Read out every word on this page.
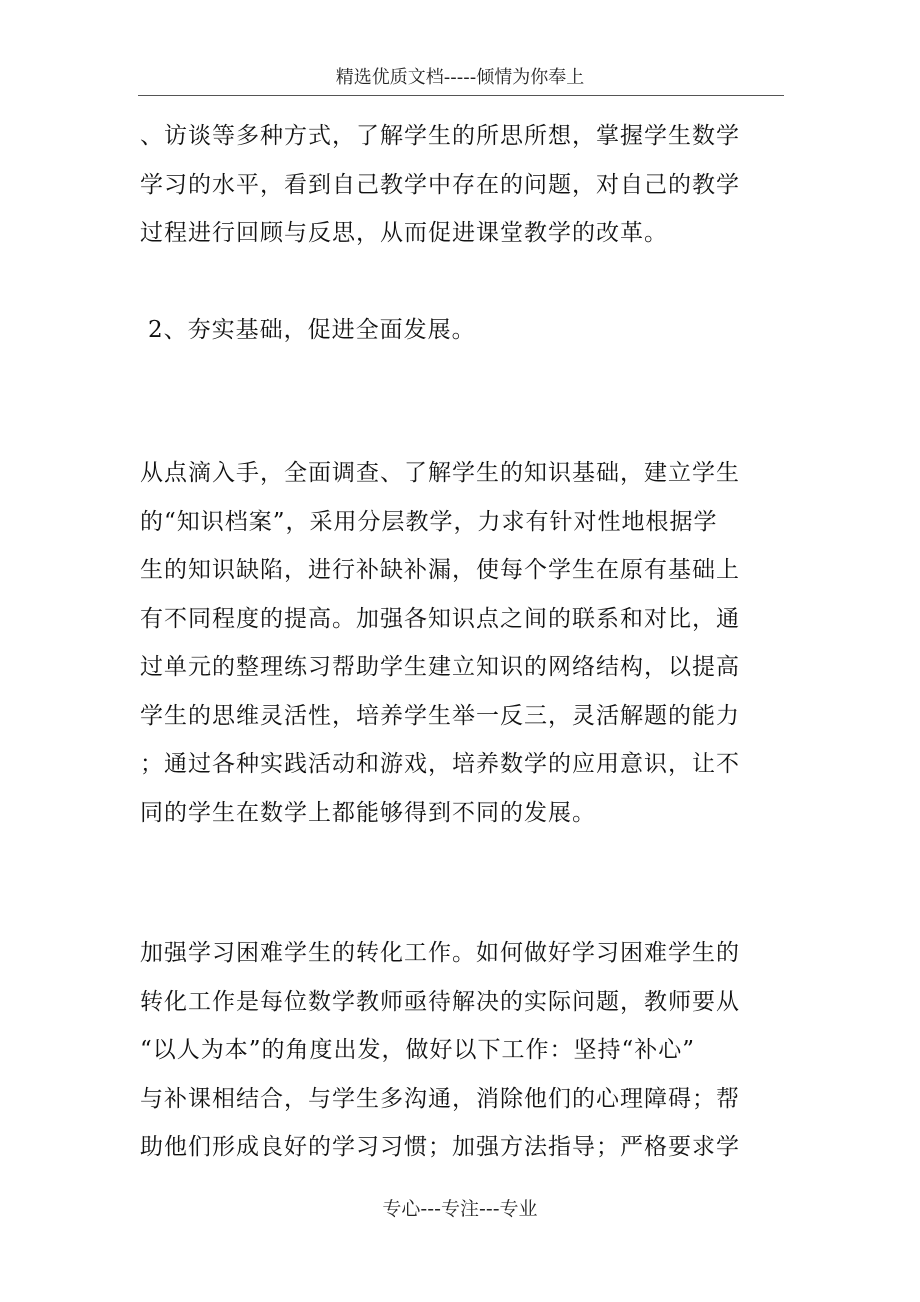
精选优质文档-----倾情为你奉上
、访谈等多种方式，了解学生的所思所想，掌握学生数学
学习的水平，看到自己教学中存在的问题，对自己的教学
过程进行回顾与反思，从而促进课堂教学的改革。
2、夯实基础，促进全面发展。
从点滴入手，全面调查、了解学生的知识基础，建立学生
的“知识档案”，采用分层教学，力求有针对性地根据学
生的知识缺陷，进行补缺补漏，使每个学生在原有基础上
有不同程度的提高。加强各知识点之间的联系和对比，通
过单元的整理练习帮助学生建立知识的网络结构，以提高
学生的思维灵活性，培养学生举一反三，灵活解题的能力
；通过各种实践活动和游戏，培养数学的应用意识，让不
同的学生在数学上都能够得到不同的发展。
加强学习困难学生的转化工作。如何做好学习困难学生的
转化工作是每位数学教师亟待解决的实际问题，教师要从
“以人为本”的角度出发，做好以下工作：坚持“补心”
与补课相结合，与学生多沟通，消除他们的心理障碍；帮
助他们形成良好的学习习惯；加强方法指导；严格要求学
专心---专注---专业
